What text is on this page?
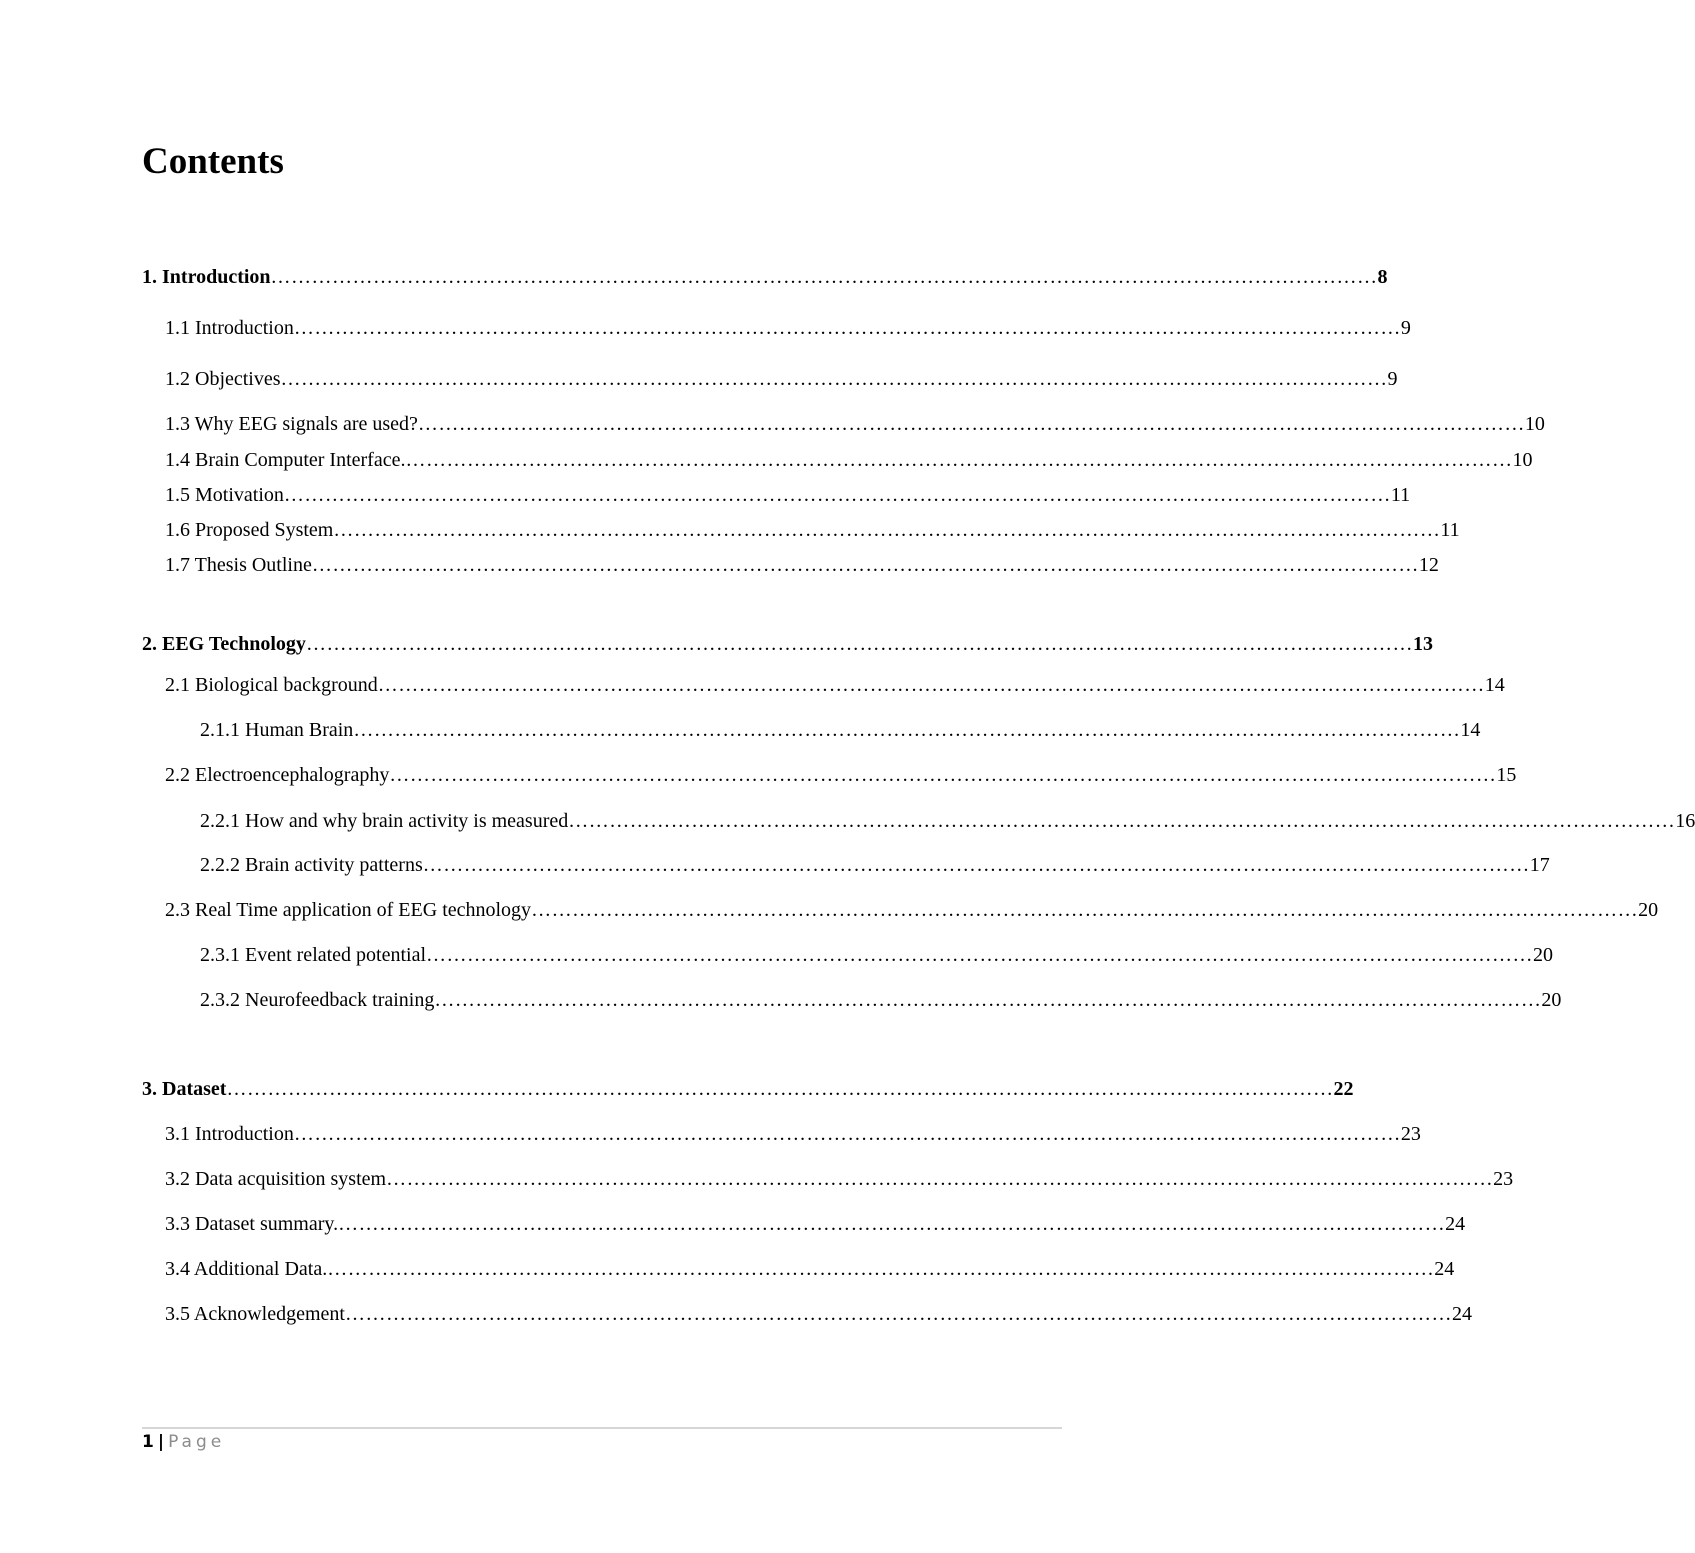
Contents
1. Introduction ……………………………………………………………………………………………………………………………………………… 8
1.1 Introduction ……………………………………………………………………………………………………………………………………………… 9
1.2 Objectives ……………………………………………………………………………………………………………………………………………… 9
1.3 Why EEG signals are used? ……………………………………………………………………………………………………………………………………………… 10
1.4 Brain Computer Interface. ……………………………………………………………………………………………………………………………………………… 10
1.5 Motivation ……………………………………………………………………………………………………………………………………………… 11
1.6 Proposed System ……………………………………………………………………………………………………………………………………………… 11
1.7 Thesis Outline ……………………………………………………………………………………………………………………………………………… 12
2. EEG Technology ……………………………………………………………………………………………………………………………………………… 13
2.1 Biological background ……………………………………………………………………………………………………………………………………………… 14
2.1.1 Human Brain ……………………………………………………………………………………………………………………………………………… 14
2.2 Electroencephalography ……………………………………………………………………………………………………………………………………………… 15
2.2.1 How and why brain activity is measured ……………………………………………………………………………………………………………………………………………… 16
2.2.2 Brain activity patterns ……………………………………………………………………………………………………………………………………………… 17
2.3 Real Time application of EEG technology ……………………………………………………………………………………………………………………………………………… 20
2.3.1 Event related potential ……………………………………………………………………………………………………………………………………………… 20
2.3.2 Neurofeedback training ……………………………………………………………………………………………………………………………………………… 20
3. Dataset ……………………………………………………………………………………………………………………………………………… 22
3.1 Introduction ……………………………………………………………………………………………………………………………………………… 23
3.2 Data acquisition system ……………………………………………………………………………………………………………………………………………… 23
3.3 Dataset summary. ……………………………………………………………………………………………………………………………………………… 24
3.4 Additional Data. ……………………………………………………………………………………………………………………………………………… 24
3.5 Acknowledgement ……………………………………………………………………………………………………………………………………………… 24
1 | Page
